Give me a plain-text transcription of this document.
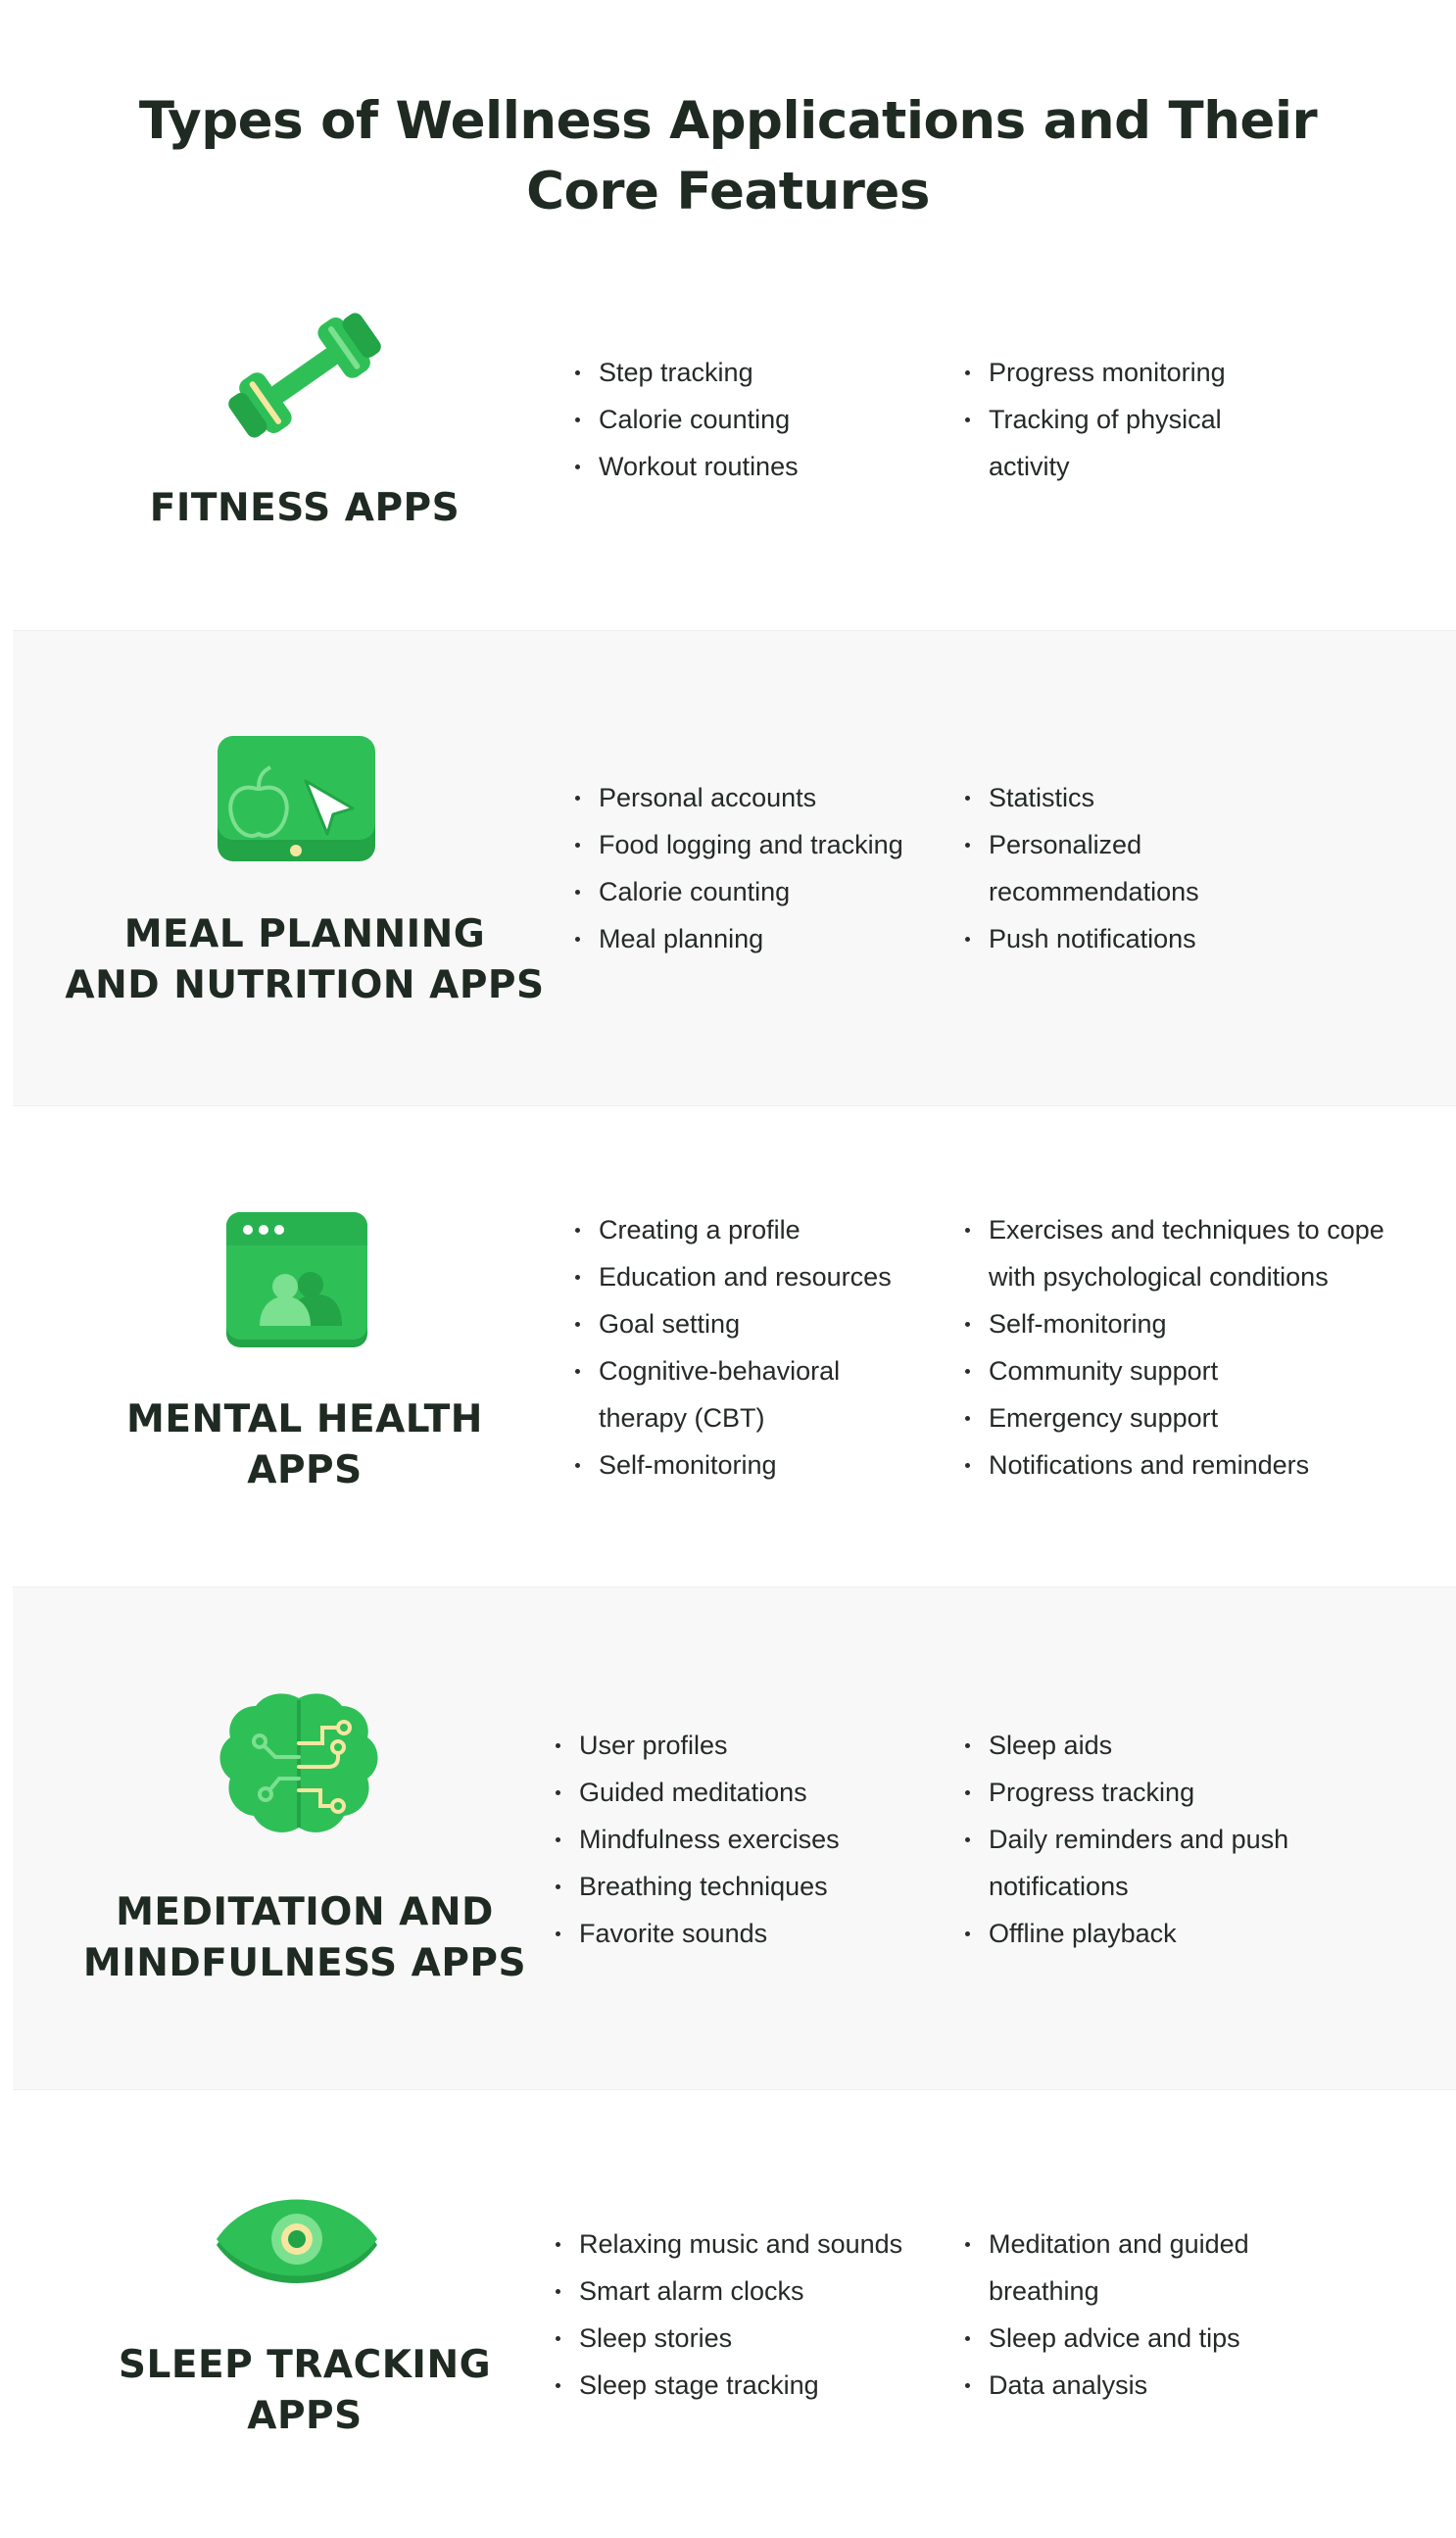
Types of Wellness Applications and Their
Core Features
FITNESS APPS
Step tracking
Calorie counting
Workout routines
Progress monitoring
Tracking of physical
activity
MEAL PLANNING
AND NUTRITION APPS
Personal accounts
Food logging and tracking
Calorie counting
Meal planning
Statistics
Personalized
recommendations
Push notifications
MENTAL HEALTH
APPS
Creating a profile
Education and resources
Goal setting
Cognitive-behavioral
therapy (CBT)
Self-monitoring
Exercises and techniques to cope
with psychological conditions
Self-monitoring
Community support
Emergency support
Notifications and reminders
MEDITATION AND
MINDFULNESS APPS
User profiles
Guided meditations
Mindfulness exercises
Breathing techniques
Favorite sounds
Sleep aids
Progress tracking
Daily reminders and push
notifications
Offline playback
SLEEP TRACKING
APPS
Relaxing music and sounds
Smart alarm clocks
Sleep stories
Sleep stage tracking
Meditation and guided
breathing
Sleep advice and tips
Data analysis
